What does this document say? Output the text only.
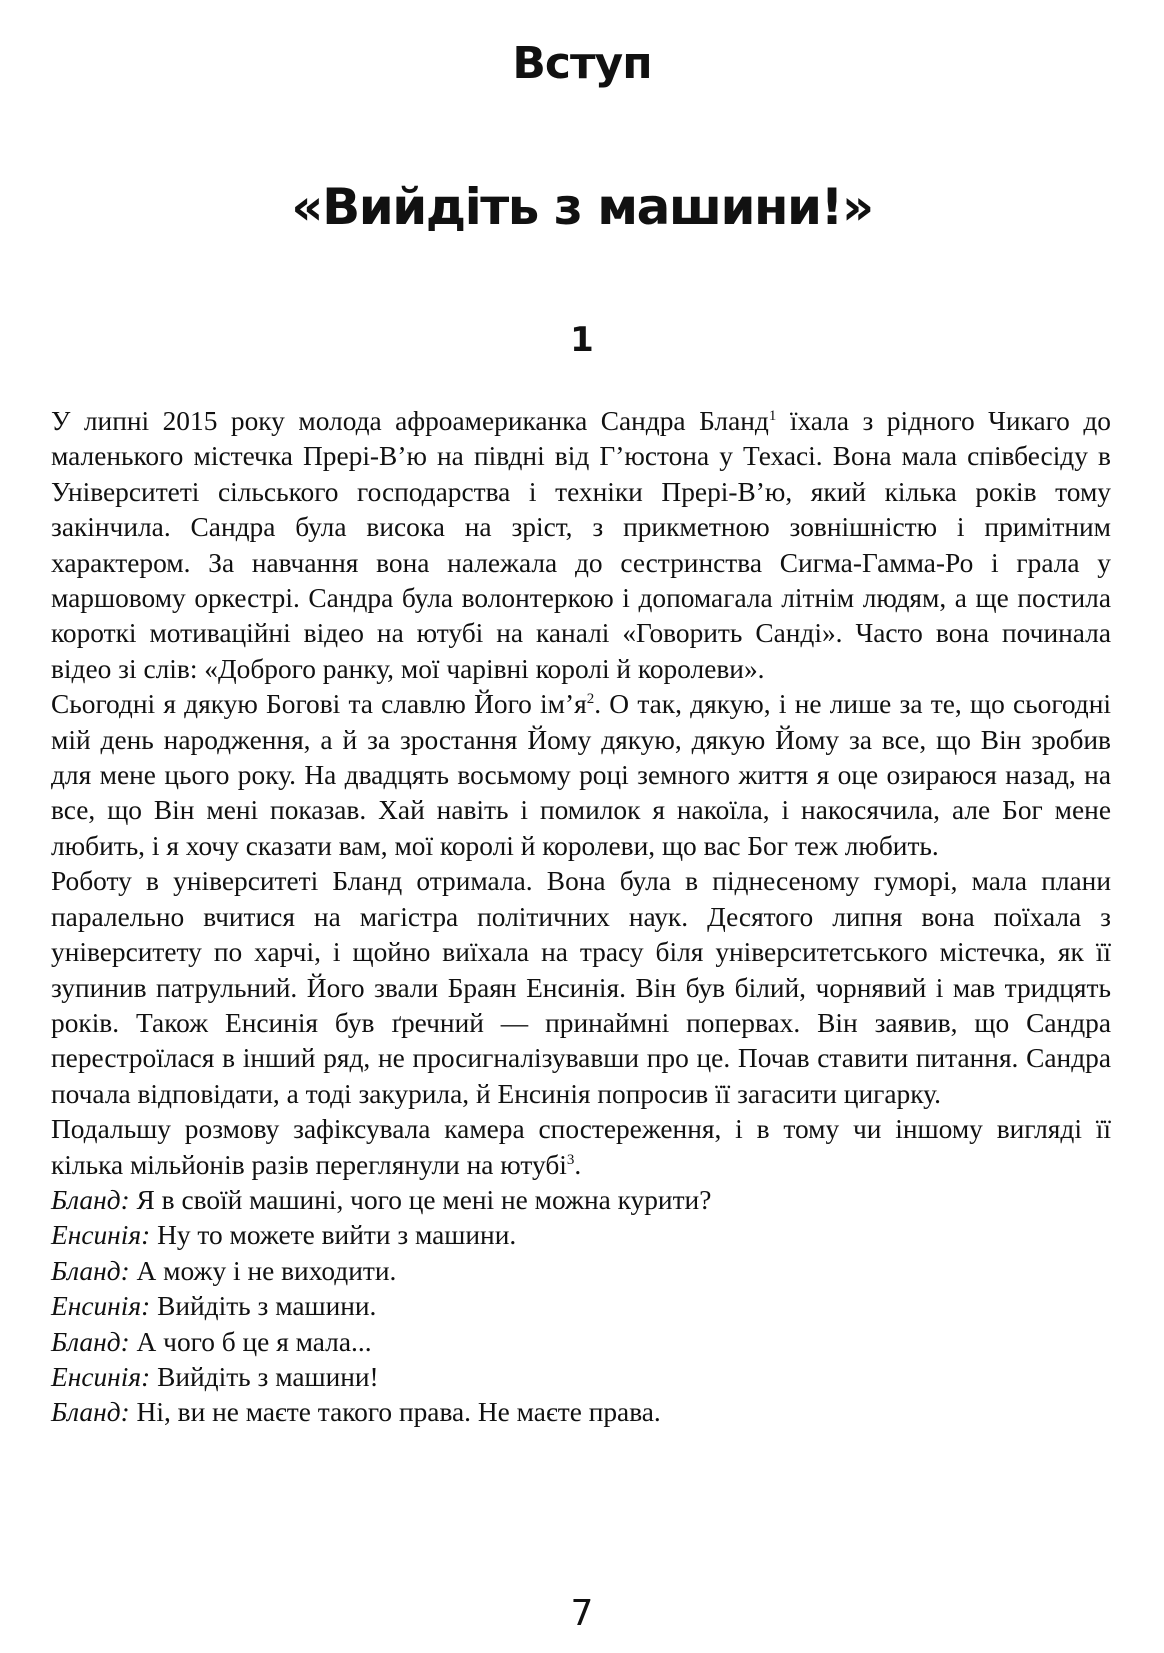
Вступ
«Вийдіть з машини!»
1

У липні 2015 року молода афроамериканка Сандра Бланд$^1$ їхала з рідного Чикаго до маленького містечка Прері-В’ю на півдні від Г’юстона у Техасі. Вона мала співбесіду в Університеті сільського господарства і техніки Прері-В’ю, який кілька років тому закінчила. Сандра була висока на зріст, з прикметною зовнішністю і примітним характером. За навчання вона належала до сестринства Сигма-Гамма-Ро і грала у маршовому оркестрі. Сандра була волонтеркою і допомагала літнім людям, а ще постила короткі мотиваційні відео на ютубі на каналі «Говорить Санді». Часто вона починала відео зі слів: «Доброго ранку, мої чарівні королі й королеви».

Сьогодні я дякую Богові та славлю Його ім’я$^2$. О так, дякую, і не лише за те, що сьогодні мій день народження, а й за зростання Йому дякую, дякую Йому за все, що Він зробив для мене цього року. На двадцять восьмому році земного життя я оце озираюся назад, на все, що Він мені показав. Хай навіть і помилок я накоїла, і накосячила, але Бог мене любить, і я хочу сказати вам, мої королі й королеви, що вас Бог теж любить.

Роботу в університеті Бланд отримала. Вона була в піднесеному гуморі, мала плани паралельно вчитися на магістра політичних наук. Десятого липня вона поїхала з університету по харчі, і щойно виїхала на трасу біля університетського містечка, як її зупинив патрульний. Його звали Браян Енсинія. Він був білий, чорнявий і мав тридцять років. Також Енсинія був ґречний — принаймні попервах. Він заявив, що Сандра перестроїлася в інший ряд, не просигналізувавши про це. Почав ставити питання. Сандра почала відповідати, а тоді закурила, й Енсинія попросив її загасити цигарку.

Подальшу розмову зафіксувала камера спостереження, і в тому чи іншому вигляді її кілька мільйонів разів переглянули на ютубі$^3$.

Бланд: Я в своїй машині, чого це мені не можна курити?
Енсинія: Ну то можете вийти з машини.
Бланд: А можу і не виходити.
Енсинія: Вийдіть з машини.
Бланд: А чого б це я мала...
Енсинія: Вийдіть з машини!
Бланд: Ні, ви не маєте такого права. Не маєте права.
7
